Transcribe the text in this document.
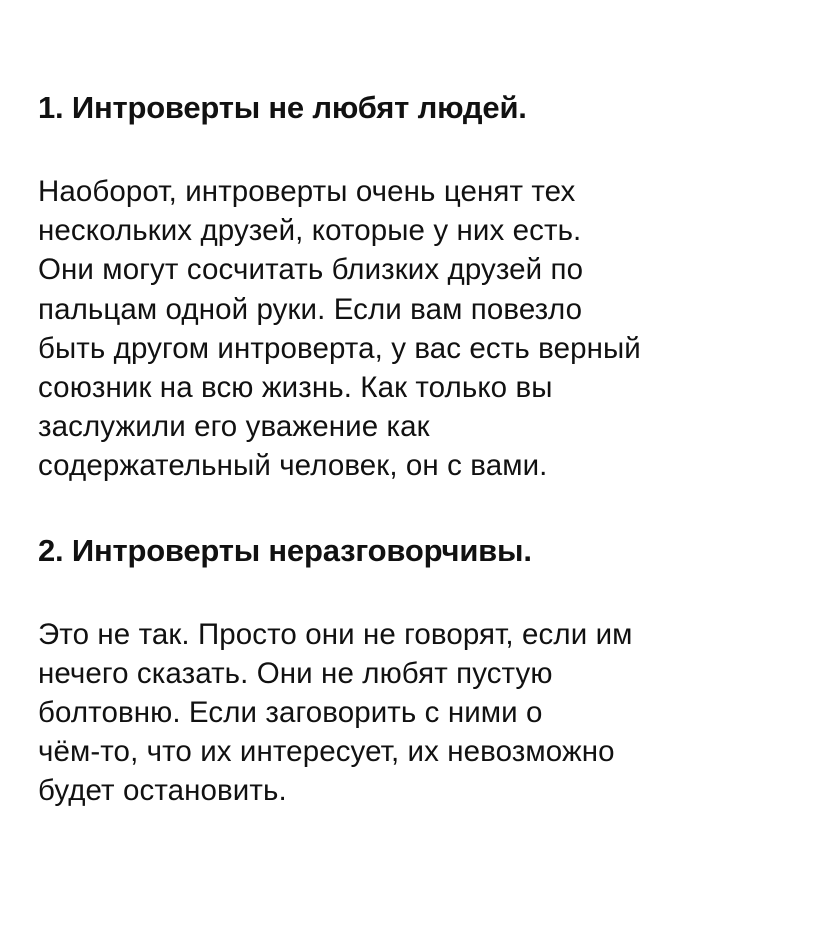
1. Интроверты не любят людей.

Наоборот, интроверты очень ценят тех
нескольких друзей, которые у них есть.
Они могут сосчитать близких друзей по
пальцам одной руки. Если вам повезло
быть другом интроверта, у вас есть верный
союзник на всю жизнь. Как только вы
заслужили его уважение как
содержательный человек, он с вами.

2. Интроверты неразговорчивы.

Это не так. Просто они не говорят, если им
нечего сказать. Они не любят пустую
болтовню. Если заговорить с ними о
чём-то, что их интересует, их невозможно
будет остановить.
